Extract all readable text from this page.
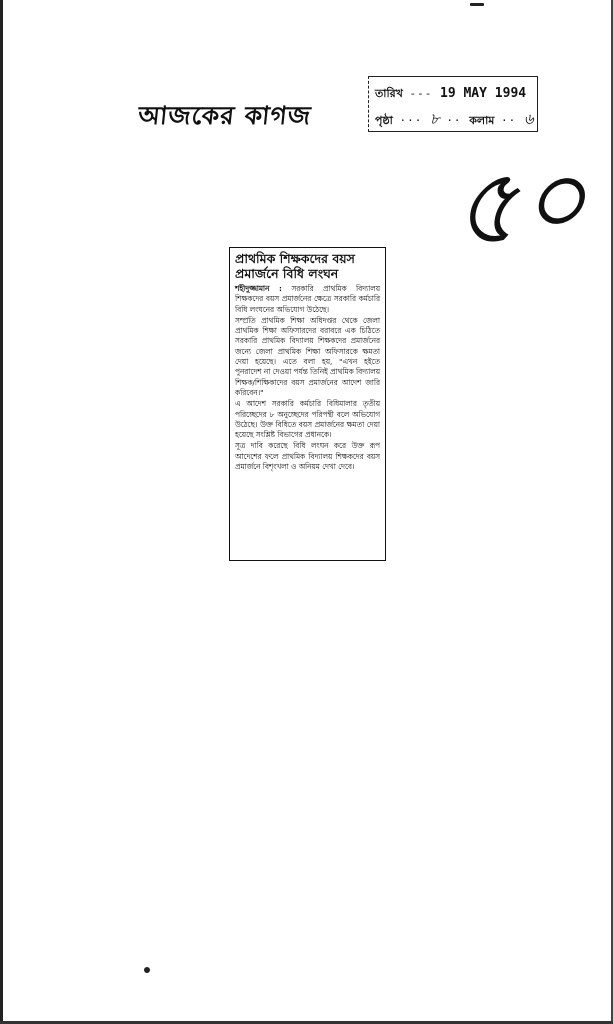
আজকের কাগজ
তারিখ --- 19 MAY 1994
পৃষ্ঠা ··· ৮ ·· কলাম ·· ৬
৫০
প্রাথমিক শিক্ষকদের বয়স
প্রমার্জনে বিধি লংঘন

শহীদুজ্জামান : সরকারি প্রাথমিক বিদ্যালয় শিক্ষকদের বয়স প্রমার্জনের ক্ষেত্রে সরকারি কর্মচারি বিধি লংঘনের অভিযোগ উঠেছে।

সম্প্রতি প্রাথমিক শিক্ষা অধিদপ্তর থেকে জেলা প্রাথমিক শিক্ষা অফিসারদের বরাবরে এক চিঠিতে সরকারি প্রাথমিক বিদ্যালয় শিক্ষকদের প্রমার্জনের জন্যে জেলা প্রাথমিক শিক্ষা অফিসারকে ক্ষমতা দেয়া হয়েছে। এতে বলা হয়, "এখন হইতে পুনরাদেশ না দেওয়া পর্যন্ত তিনিই প্রাথমিক বিদ্যালয় শিক্ষক/শিক্ষিকাদের বয়স প্রমার্জনের আদেশ জারি করিবেন।"

এ আদেশ সরকারি কর্মচারি বিধিমালার তৃতীয় পরিচ্ছেদের ৮ অনুচ্ছেদের পরিপন্থী বলে অভিযোগ উঠেছে। উক্ত বিধিতে বয়স প্রমার্জনের ক্ষমতা দেয়া হয়েছে সংশ্লিষ্ট বিভাগের প্রধানকে।

সূত্র দাবি করেছে বিধি লংঘন করে উক্ত রূপ আদেশের ফলে প্রাথমিক বিদ্যালয় শিক্ষকদের বয়স প্রমার্জনে বিশৃংখলা ও অনিয়ম দেখা দেবে।
